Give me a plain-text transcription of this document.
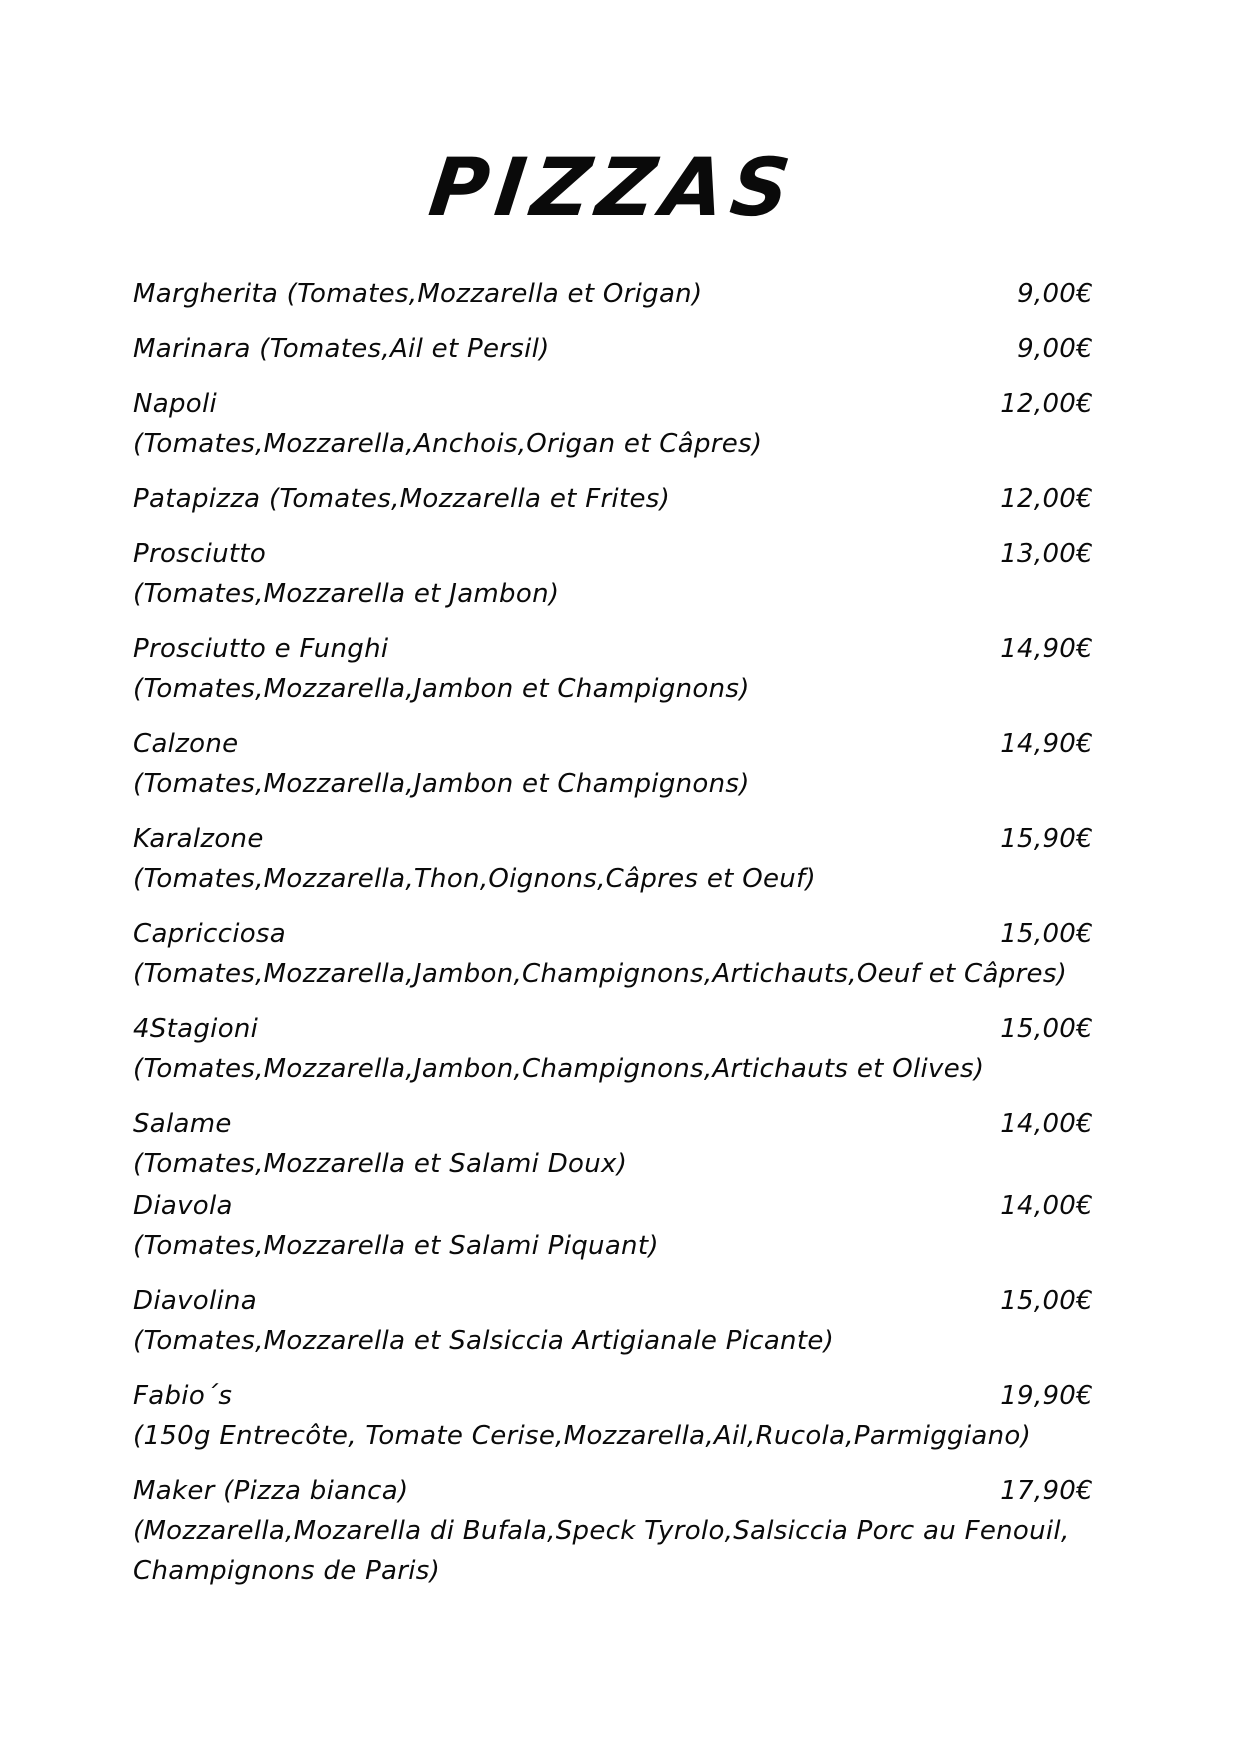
PIZZAS
Margherita (Tomates,Mozzarella et Origan)	9,00€
Marinara (Tomates,Ail et Persil)	9,00€
Napoli	12,00€
(Tomates,Mozzarella,Anchois,Origan et Câpres)
Patapizza (Tomates,Mozzarella et Frites)	12,00€
Prosciutto	13,00€
(Tomates,Mozzarella et Jambon)
Prosciutto e Funghi	14,90€
(Tomates,Mozzarella,Jambon et Champignons)
Calzone	14,90€
(Tomates,Mozzarella,Jambon et Champignons)
Karalzone	15,90€
(Tomates,Mozzarella,Thon,Oignons,Câpres et Oeuf)
Capricciosa	15,00€
(Tomates,Mozzarella,Jambon,Champignons,Artichauts,Oeuf et Câpres)
4Stagioni	15,00€
(Tomates,Mozzarella,Jambon,Champignons,Artichauts et Olives)
Salame	14,00€
(Tomates,Mozzarella et Salami Doux)
Diavola	14,00€
(Tomates,Mozzarella et Salami Piquant)
Diavolina	15,00€
(Tomates,Mozzarella et Salsiccia Artigianale Picante)
Fabio´s	19,90€
(150g Entrecôte, Tomate Cerise,Mozzarella,Ail,Rucola,Parmiggiano)
Maker (Pizza bianca)	17,90€
(Mozzarella,Mozarella di Bufala,Speck Tyrolo,Salsiccia Porc au Fenouil, Champignons de Paris)
